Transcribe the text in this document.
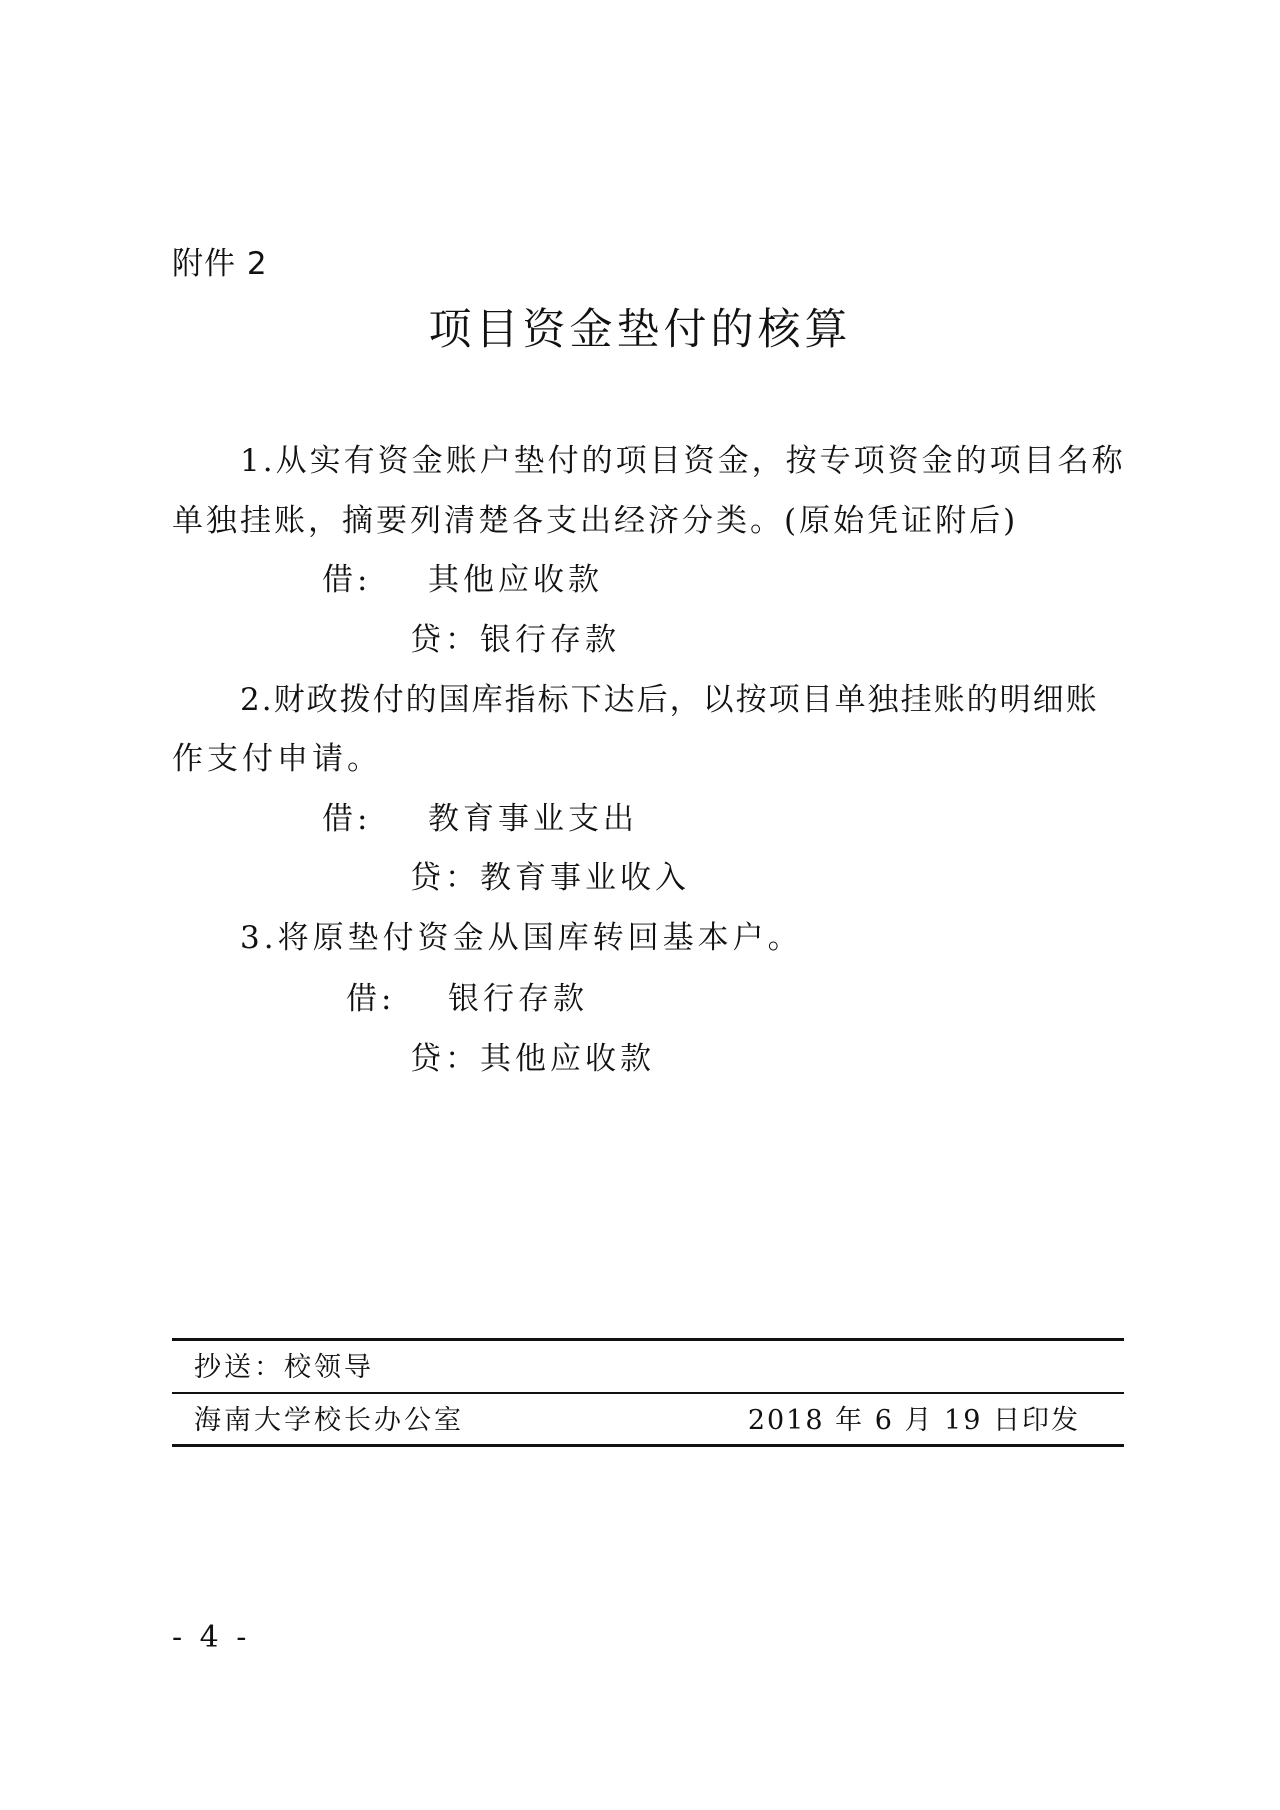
附件 2
项目资金垫付的核算
1.从实有资金账户垫付的项目资金，按专项资金的项目名称
单独挂账，摘要列清楚各支出经济分类。(原始凭证附后)
借: 其他应收款
贷：银行存款
2.财政拨付的国库指标下达后，以按项目单独挂账的明细账
作支付申请。
借: 教育事业支出
贷：教育事业收入
3.将原垫付资金从国库转回基本户。
借: 银行存款
贷：其他应收款
抄送：校领导
海南大学校长办公室	2018 年 6 月 19 日印发
- 4 -
